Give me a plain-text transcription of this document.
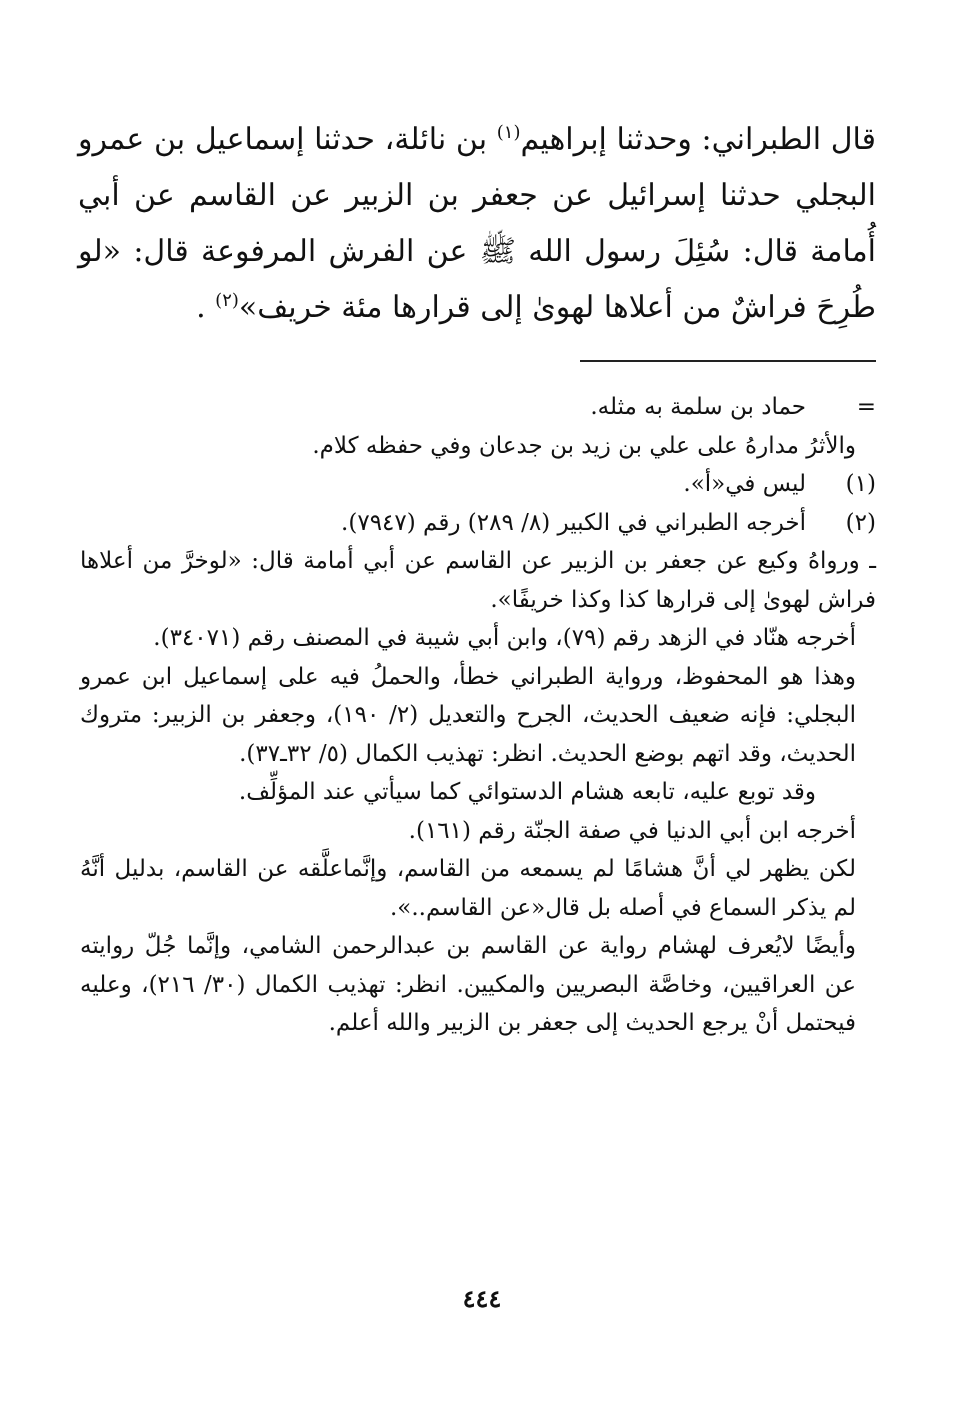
قال الطبراني: وحدثنا إبراهيم$^{(١)}$ بن نائلة، حدثنا إسماعيل بن عمرو البجلي حدثنا إسرائيل عن جعفر بن الزبير عن القاسم عن أبي أُمامة قال: سُئِلَ رسول الله ﷺ عن الفرش المرفوعة قال: «لو طُرِحَ فراشٌ من أعلاها لهوىٰ إلى قرارها مئة خريف»$^{(٢)}$ .

=
حماد بن سلمة به مثله.
والأثرُ مدارهُ على علي بن زيد بن جدعان وفي حفظه كلام.
(١)
ليس في«أ».
(٢)
أخرجه الطبراني في الكبير (٨/ ٢٨٩) رقم (٧٩٤٧).
ـ ورواهُ وكيع عن جعفر بن الزبير عن القاسم عن أبي أمامة قال: «لوخرَّ من أعلاها فراش لهوىٰ إلى قرارها كذا وكذا خريفًا».
أخرجه هنّاد في الزهد رقم (٧٩)، وابن أبي شيبة في المصنف رقم (٣٤٠٧١).
وهذا هو المحفوظ، ورواية الطبراني خطأ، والحملُ فيه على إسماعيل ابن عمرو البجلي: فإنه ضعيف الحديث، الجرح والتعديل (٢/ ١٩٠)، وجعفر بن الزبير: متروك الحديث، وقد اتهم بوضع الحديث. انظر: تهذيب الكمال (٥/ ٣٢ـ٣٧).
وقد توبع عليه، تابعه هشام الدستوائي كما سيأتي عند المؤلِّف.
أخرجه ابن أبي الدنيا في صفة الجنّة رقم (١٦١).
لكن يظهر لي أنَّ هشامًا لم يسمعه من القاسم، وإنَّماعلَّقه عن القاسم، بدليل أنَّهُ لم يذكر السماع في أصله بل قال«عن القاسم..».
وأيضًا لايُعرف لهشام رواية عن القاسم بن عبدالرحمن الشامي، وإنَّما جُلّ روايته عن العراقيين، وخاصَّة البصريين والمكيين. انظر: تهذيب الكمال (٣٠/ ٢١٦)، وعليه فيحتمل أنْ يرجع الحديث إلى جعفر بن الزبير والله أعلم.
٤٤٤
